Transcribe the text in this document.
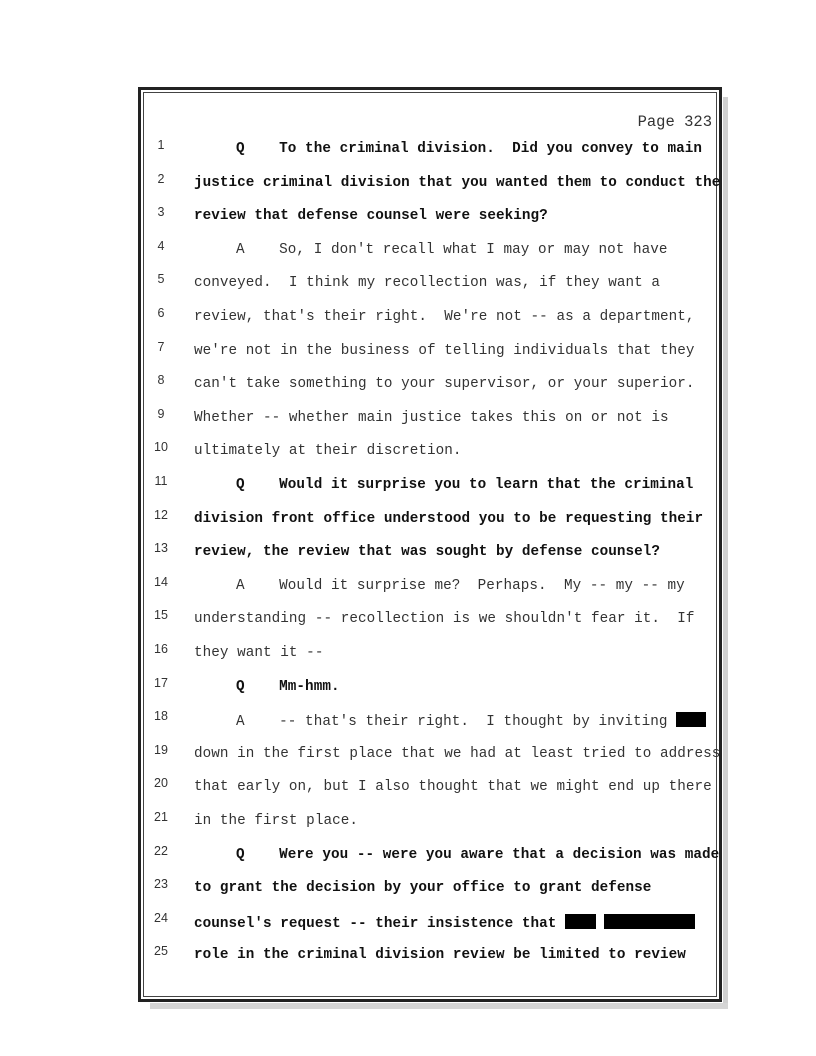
Page 323
1	Q To the criminal division.  Did you convey to main
2	justice criminal division that you wanted them to conduct the
3	review that defense counsel were seeking?
4	A So, I don't recall what I may or may not have
5	conveyed.  I think my recollection was, if they want a
6	review, that's their right.  We're not -- as a department,
7	we're not in the business of telling individuals that they
8	can't take something to your supervisor, or your superior.
9	Whether -- whether main justice takes this on or not is
10 ultimately at their discretion.
11	Q Would it surprise you to learn that the criminal
12 division front office understood you to be requesting their
13 review, the review that was sought by defense counsel?
14	A Would it surprise me?  Perhaps.  My -- my -- my
15 understanding -- recollection is we shouldn't fear it.  If
16 they want it --
17	Q Mm-hmm.
18	A -- that's their right.  I thought by inviting
19 down in the first place that we had at least tried to address
20 that early on, but I also thought that we might end up there
21 in the first place.
22	Q Were you -- were you aware that a decision was made
23 to grant the decision by your office to grant defense
24 counsel's request -- their insistence that
25 role in the criminal division review be limited to review
